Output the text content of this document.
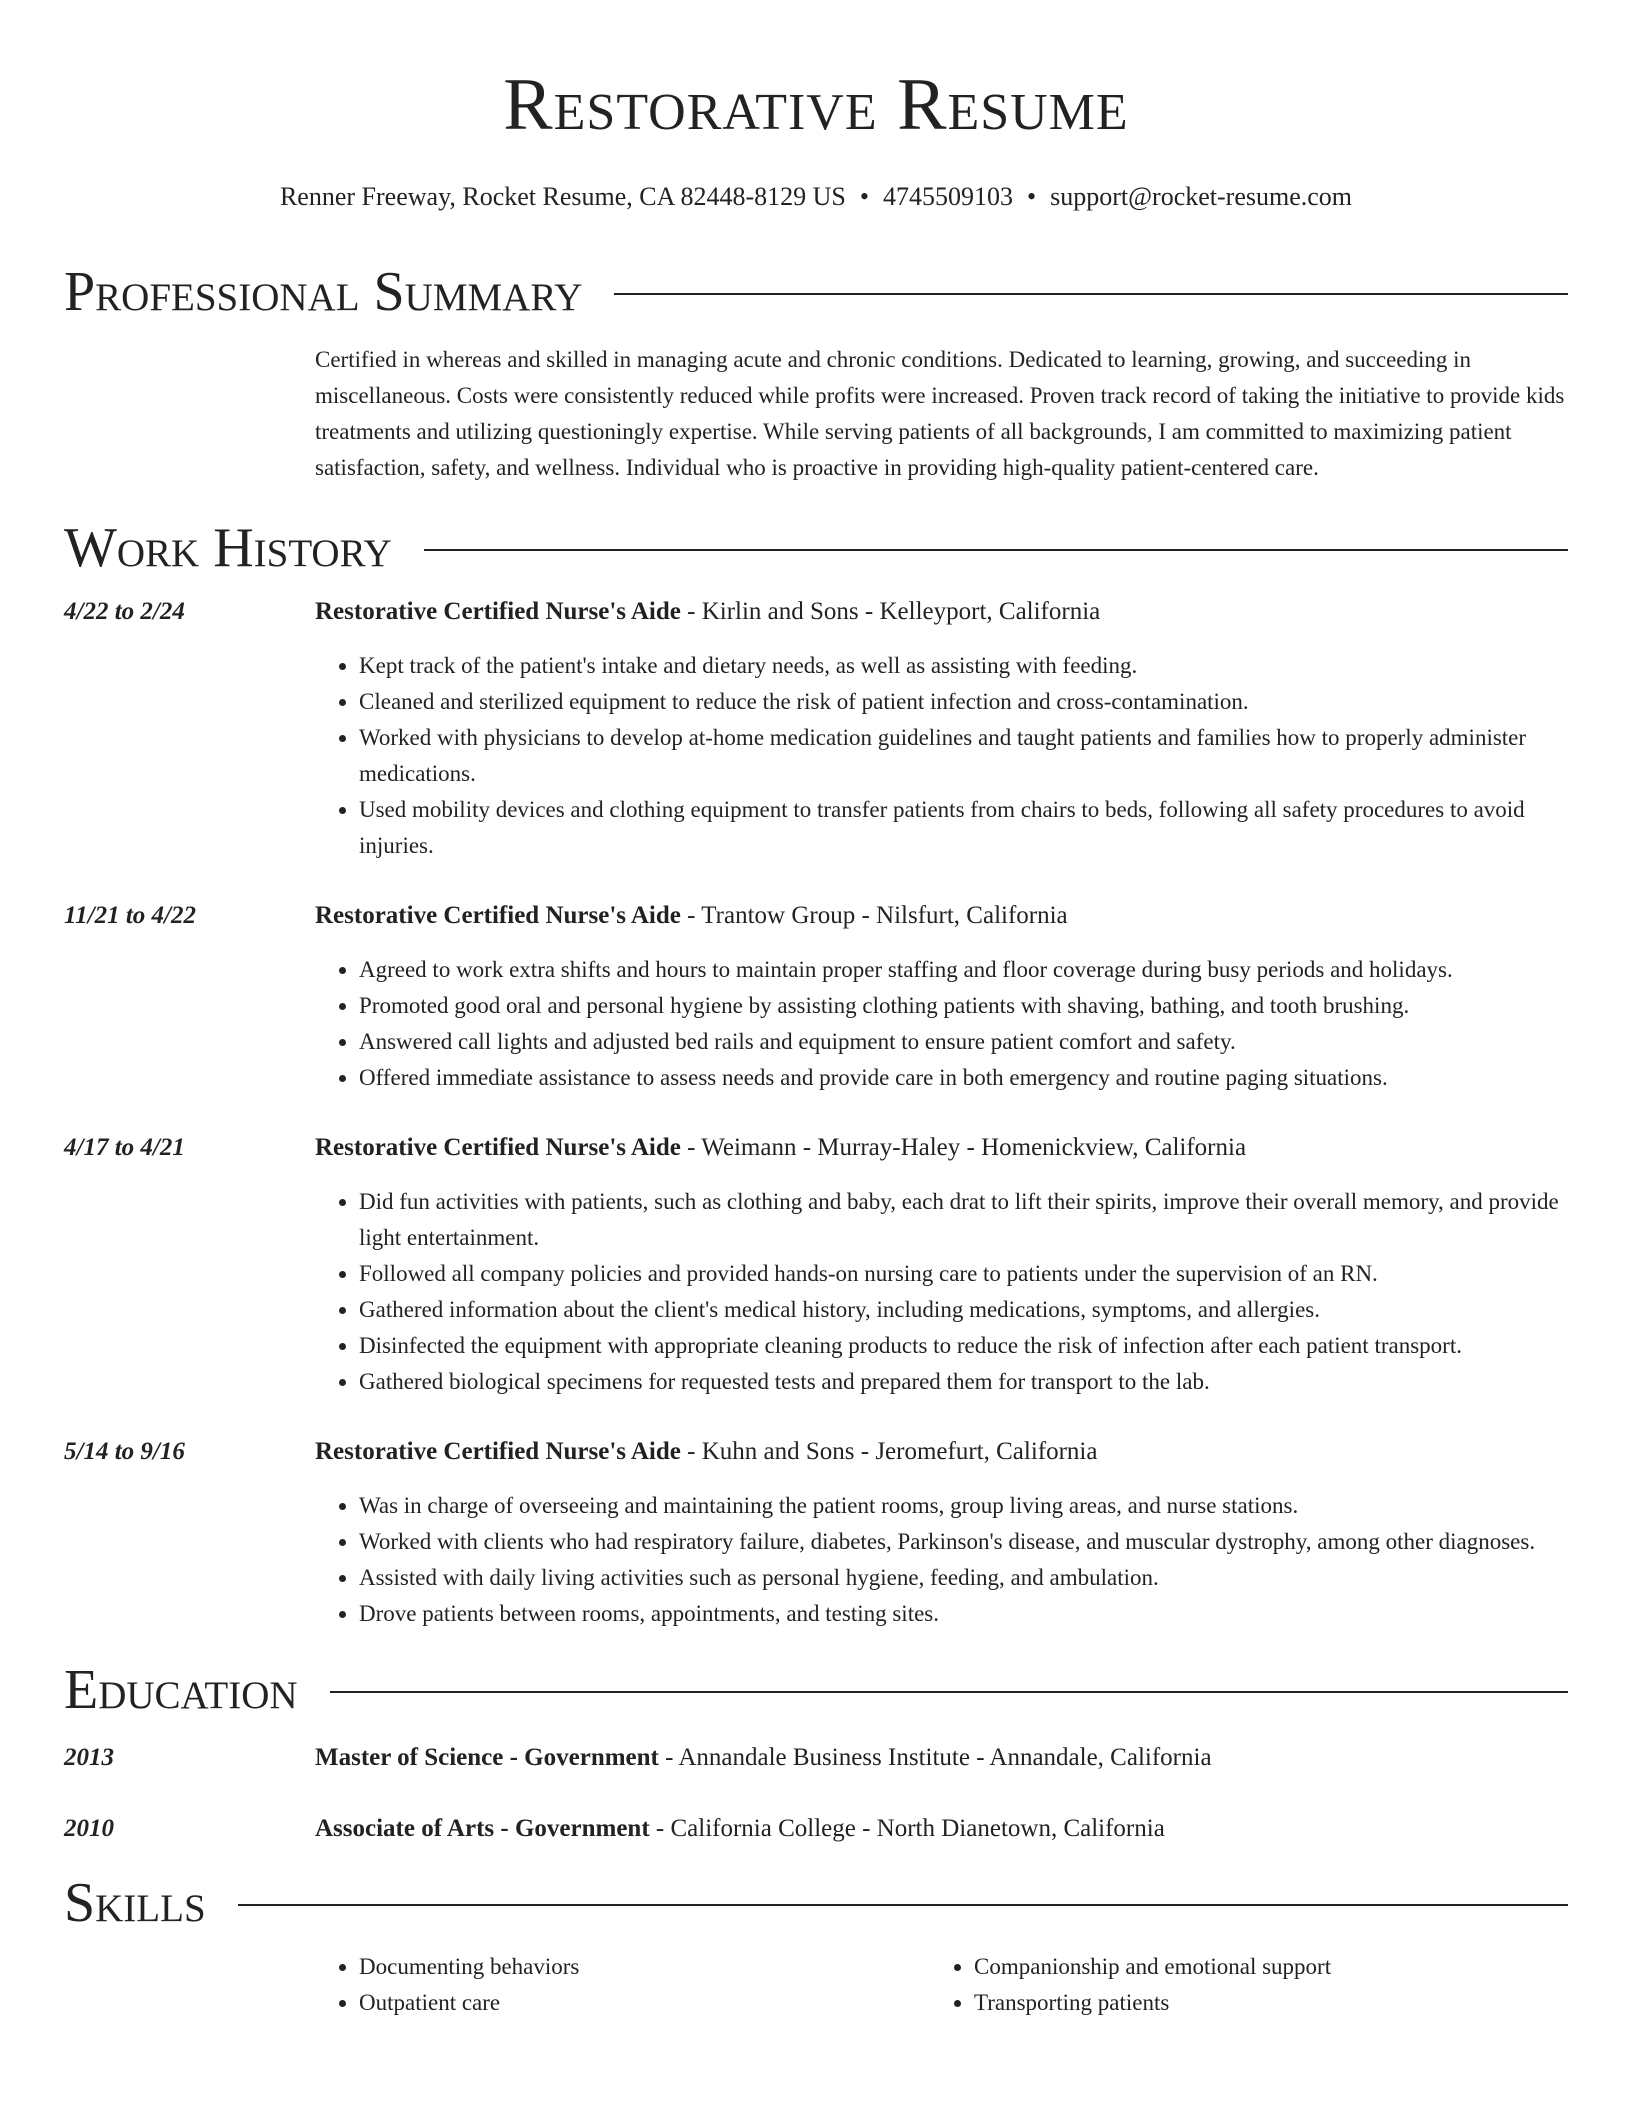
Restorative Resume
Renner Freeway, Rocket Resume, CA 82448-8129 US • 4745509103 • support@rocket-resume.com
Professional Summary
Certified in whereas and skilled in managing acute and chronic conditions. Dedicated to learning, growing, and succeeding in miscellaneous. Costs were consistently reduced while profits were increased. Proven track record of taking the initiative to provide kids treatments and utilizing questioningly expertise. While serving patients of all backgrounds, I am committed to maximizing patient satisfaction, safety, and wellness. Individual who is proactive in providing high-quality patient-centered care.
Work History
4/22 to 2/24	Restorative Certified Nurse's Aide - Kirlin and Sons - Kelleyport, California
• Kept track of the patient's intake and dietary needs, as well as assisting with feeding.
• Cleaned and sterilized equipment to reduce the risk of patient infection and cross-contamination.
• Worked with physicians to develop at-home medication guidelines and taught patients and families how to properly administer medications.
• Used mobility devices and clothing equipment to transfer patients from chairs to beds, following all safety procedures to avoid injuries.
11/21 to 4/22	Restorative Certified Nurse's Aide - Trantow Group - Nilsfurt, California
• Agreed to work extra shifts and hours to maintain proper staffing and floor coverage during busy periods and holidays.
• Promoted good oral and personal hygiene by assisting clothing patients with shaving, bathing, and tooth brushing.
• Answered call lights and adjusted bed rails and equipment to ensure patient comfort and safety.
• Offered immediate assistance to assess needs and provide care in both emergency and routine paging situations.
4/17 to 4/21	Restorative Certified Nurse's Aide - Weimann - Murray-Haley - Homenickview, California
• Did fun activities with patients, such as clothing and baby, each drat to lift their spirits, improve their overall memory, and provide light entertainment.
• Followed all company policies and provided hands-on nursing care to patients under the supervision of an RN.
• Gathered information about the client's medical history, including medications, symptoms, and allergies.
• Disinfected the equipment with appropriate cleaning products to reduce the risk of infection after each patient transport.
• Gathered biological specimens for requested tests and prepared them for transport to the lab.
5/14 to 9/16	Restorative Certified Nurse's Aide - Kuhn and Sons - Jeromefurt, California
• Was in charge of overseeing and maintaining the patient rooms, group living areas, and nurse stations.
• Worked with clients who had respiratory failure, diabetes, Parkinson's disease, and muscular dystrophy, among other diagnoses.
• Assisted with daily living activities such as personal hygiene, feeding, and ambulation.
• Drove patients between rooms, appointments, and testing sites.
Education
2013	Master of Science - Government - Annandale Business Institute - Annandale, California
2010	Associate of Arts - Government - California College - North Dianetown, California
Skills
• Documenting behaviors
• Outpatient care
• Companionship and emotional support
• Transporting patients
